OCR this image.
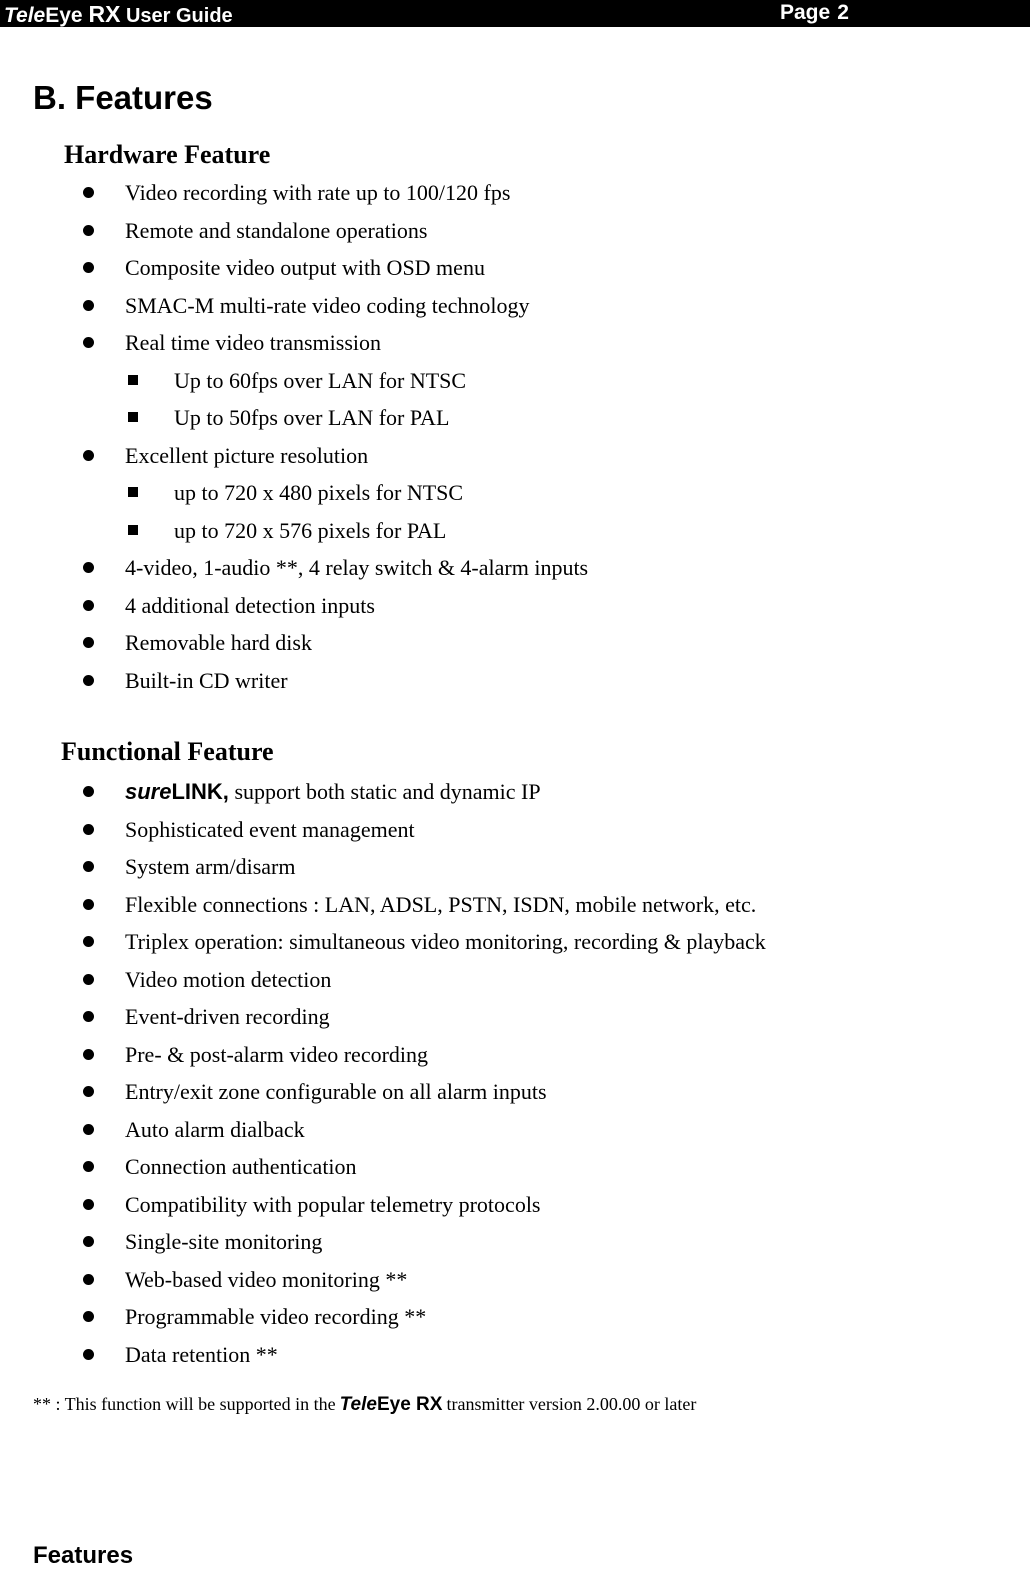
TeleEye RX User Guide	Page 2
B. Features
Hardware Feature
Video recording with rate up to 100/120 fps
Remote and standalone operations
Composite video output with OSD menu
SMAC-M multi-rate video coding technology
Real time video transmission
Up to 60fps over LAN for NTSC
Up to 50fps over LAN for PAL
Excellent picture resolution
up to 720 x 480 pixels for NTSC
up to 720 x 576 pixels for PAL
4-video, 1-audio **, 4 relay switch & 4-alarm inputs
4 additional detection inputs
Removable hard disk
Built-in CD writer
Functional Feature
sureLINK, support both static and dynamic IP
Sophisticated event management
System arm/disarm
Flexible connections : LAN, ADSL, PSTN, ISDN, mobile network, etc.
Triplex operation: simultaneous video monitoring, recording & playback
Video motion detection
Event-driven recording
Pre- & post-alarm video recording
Entry/exit zone configurable on all alarm inputs
Auto alarm dialback
Connection authentication
Compatibility with popular telemetry protocols
Single-site monitoring
Web-based video monitoring **
Programmable video recording **
Data retention **
** : This function will be supported in the TeleEye RX transmitter version 2.00.00 or later
Features
